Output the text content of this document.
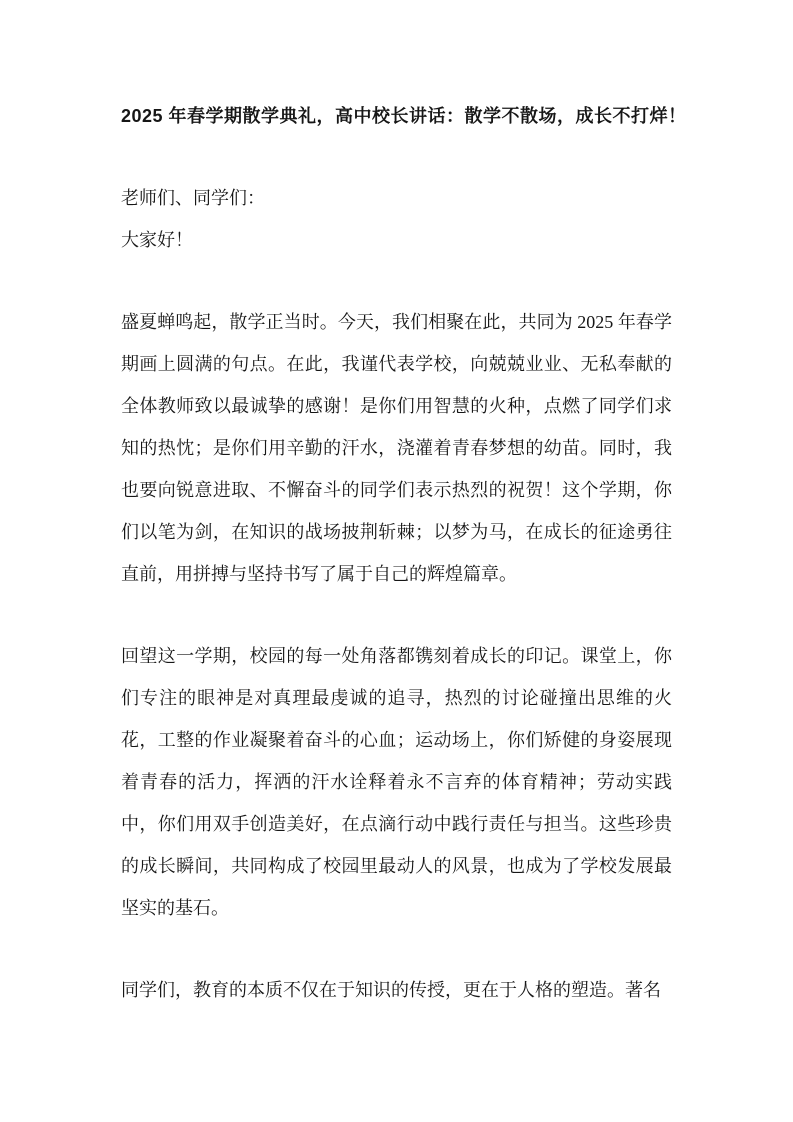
2025 年春学期散学典礼，高中校长讲话：散学不散场，成长不打烊！

老师们、同学们：

大家好！

盛夏蝉鸣起，散学正当时。今天，我们相聚在此，共同为 2025 年春学期画上圆满的句点。在此，我谨代表学校，向兢兢业业、无私奉献的全体教师致以最诚挚的感谢！是你们用智慧的火种，点燃了同学们求知的热忱；是你们用辛勤的汗水，浇灌着青春梦想的幼苗。同时，我也要向锐意进取、不懈奋斗的同学们表示热烈的祝贺！这个学期，你们以笔为剑，在知识的战场披荆斩棘；以梦为马，在成长的征途勇往直前，用拼搏与坚持书写了属于自己的辉煌篇章。

回望这一学期，校园的每一处角落都镌刻着成长的印记。课堂上，你们专注的眼神是对真理最虔诚的追寻，热烈的讨论碰撞出思维的火花，工整的作业凝聚着奋斗的心血；运动场上，你们矫健的身姿展现着青春的活力，挥洒的汗水诠释着永不言弃的体育精神；劳动实践中，你们用双手创造美好，在点滴行动中践行责任与担当。这些珍贵的成长瞬间，共同构成了校园里最动人的风景，也成为了学校发展最坚实的基石。

同学们，教育的本质不仅在于知识的传授，更在于人格的塑造。著名
